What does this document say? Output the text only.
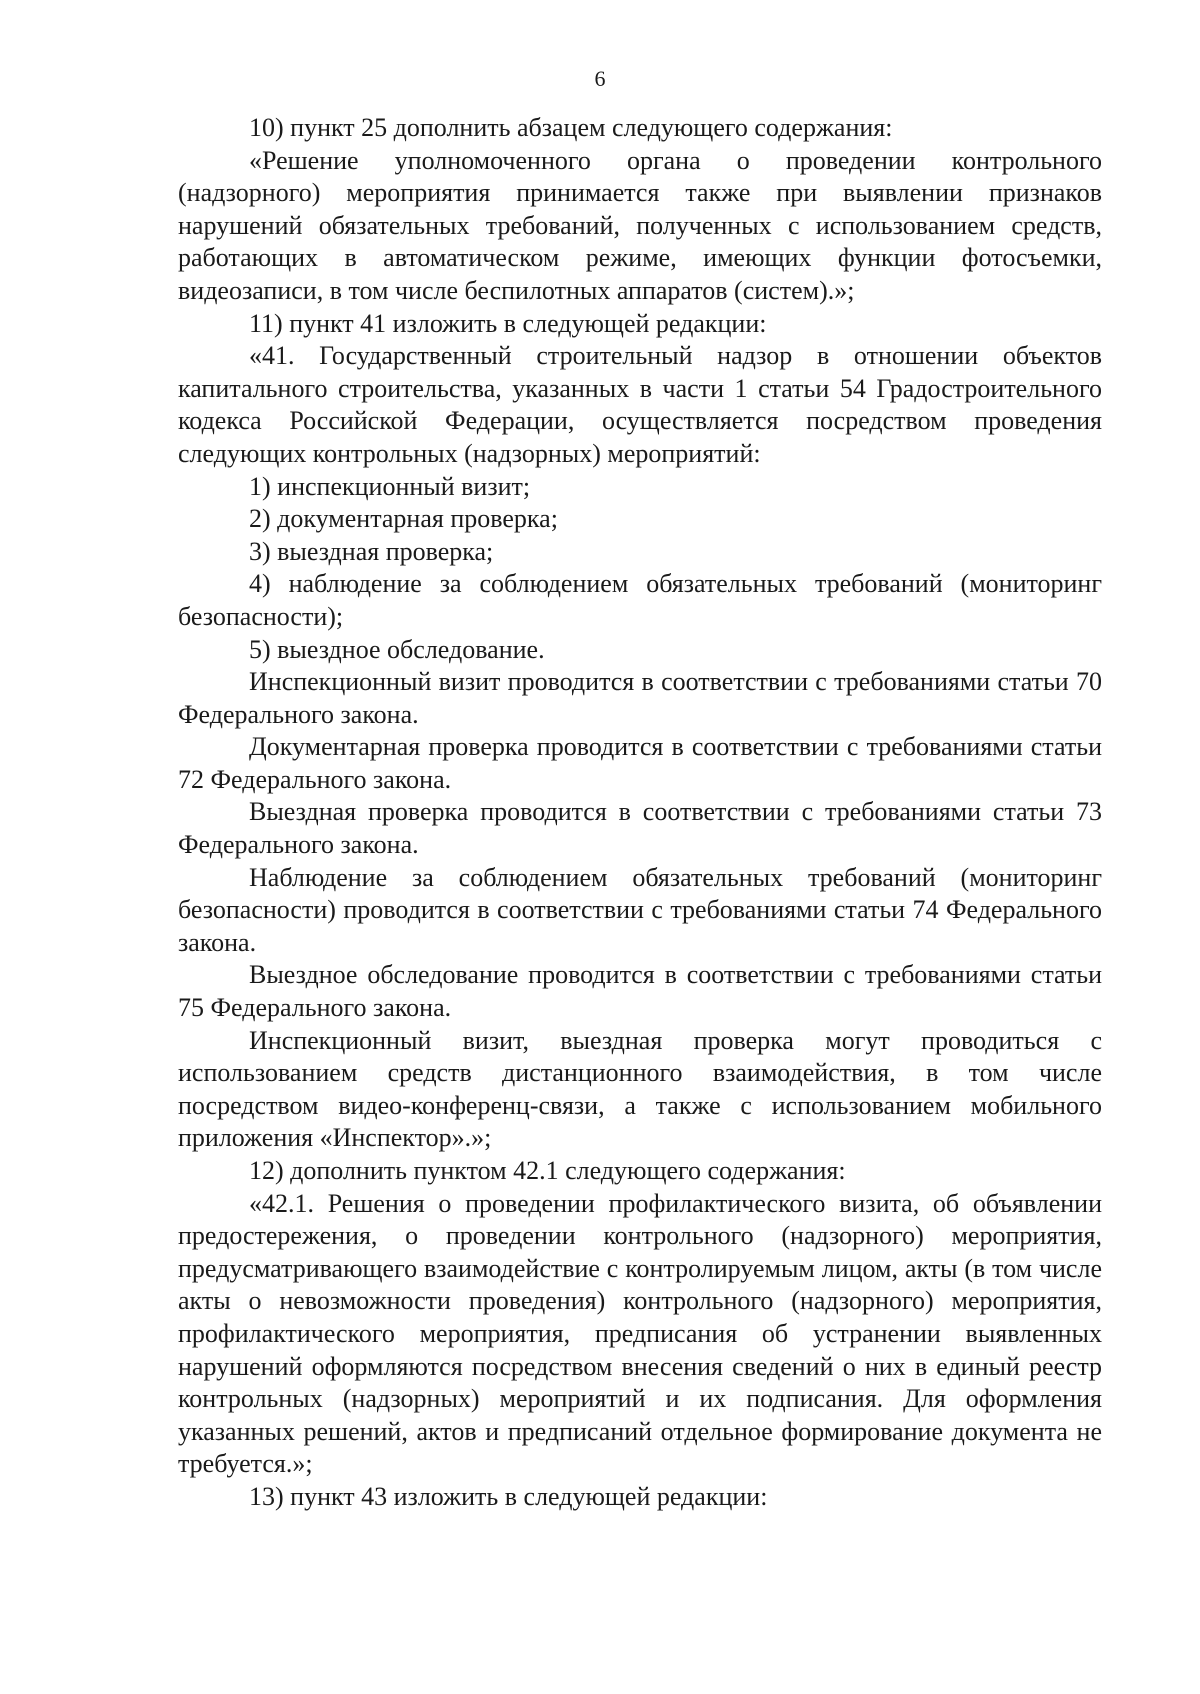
6

10) пункт 25 дополнить абзацем следующего содержания:

«Решение уполномоченного органа о проведении контрольного (надзорного) мероприятия принимается также при выявлении признаков нарушений обязательных требований, полученных с использованием средств, работающих в автоматическом режиме, имеющих функции фотосъемки, видеозаписи, в том числе беспилотных аппаратов (систем).»;

11) пункт 41 изложить в следующей редакции:

«41. Государственный строительный надзор в отношении объектов капитального строительства, указанных в части 1 статьи 54 Градостроительного кодекса Российской Федерации, осуществляется посредством проведения следующих контрольных (надзорных) мероприятий:

1) инспекционный визит;

2) документарная проверка;

3) выездная проверка;

4) наблюдение за соблюдением обязательных требований (мониторинг безопасности);

5) выездное обследование.

Инспекционный визит проводится в соответствии с требованиями статьи 70 Федерального закона.

Документарная проверка проводится в соответствии с требованиями статьи 72 Федерального закона.

Выездная проверка проводится в соответствии с требованиями статьи 73 Федерального закона.

Наблюдение за соблюдением обязательных требований (мониторинг безопасности) проводится в соответствии с требованиями статьи 74 Федерального закона.

Выездное обследование проводится в соответствии с требованиями статьи 75 Федерального закона.

Инспекционный визит, выездная проверка могут проводиться с использованием средств дистанционного взаимодействия, в том числе посредством видео-конференц-связи, а также с использованием мобильного приложения «Инспектор».»;

12) дополнить пунктом 42.1 следующего содержания:

«42.1. Решения о проведении профилактического визита, об объявлении предостережения, о проведении контрольного (надзорного) мероприятия, предусматривающего взаимодействие с контролируемым лицом, акты (в том числе акты о невозможности проведения) контрольного (надзорного) мероприятия, профилактического мероприятия, предписания об устранении выявленных нарушений оформляются посредством внесения сведений о них в единый реестр контрольных (надзорных) мероприятий и их подписания. Для оформления указанных решений, актов и предписаний отдельное формирование документа не требуется.»;

13) пункт 43 изложить в следующей редакции:
